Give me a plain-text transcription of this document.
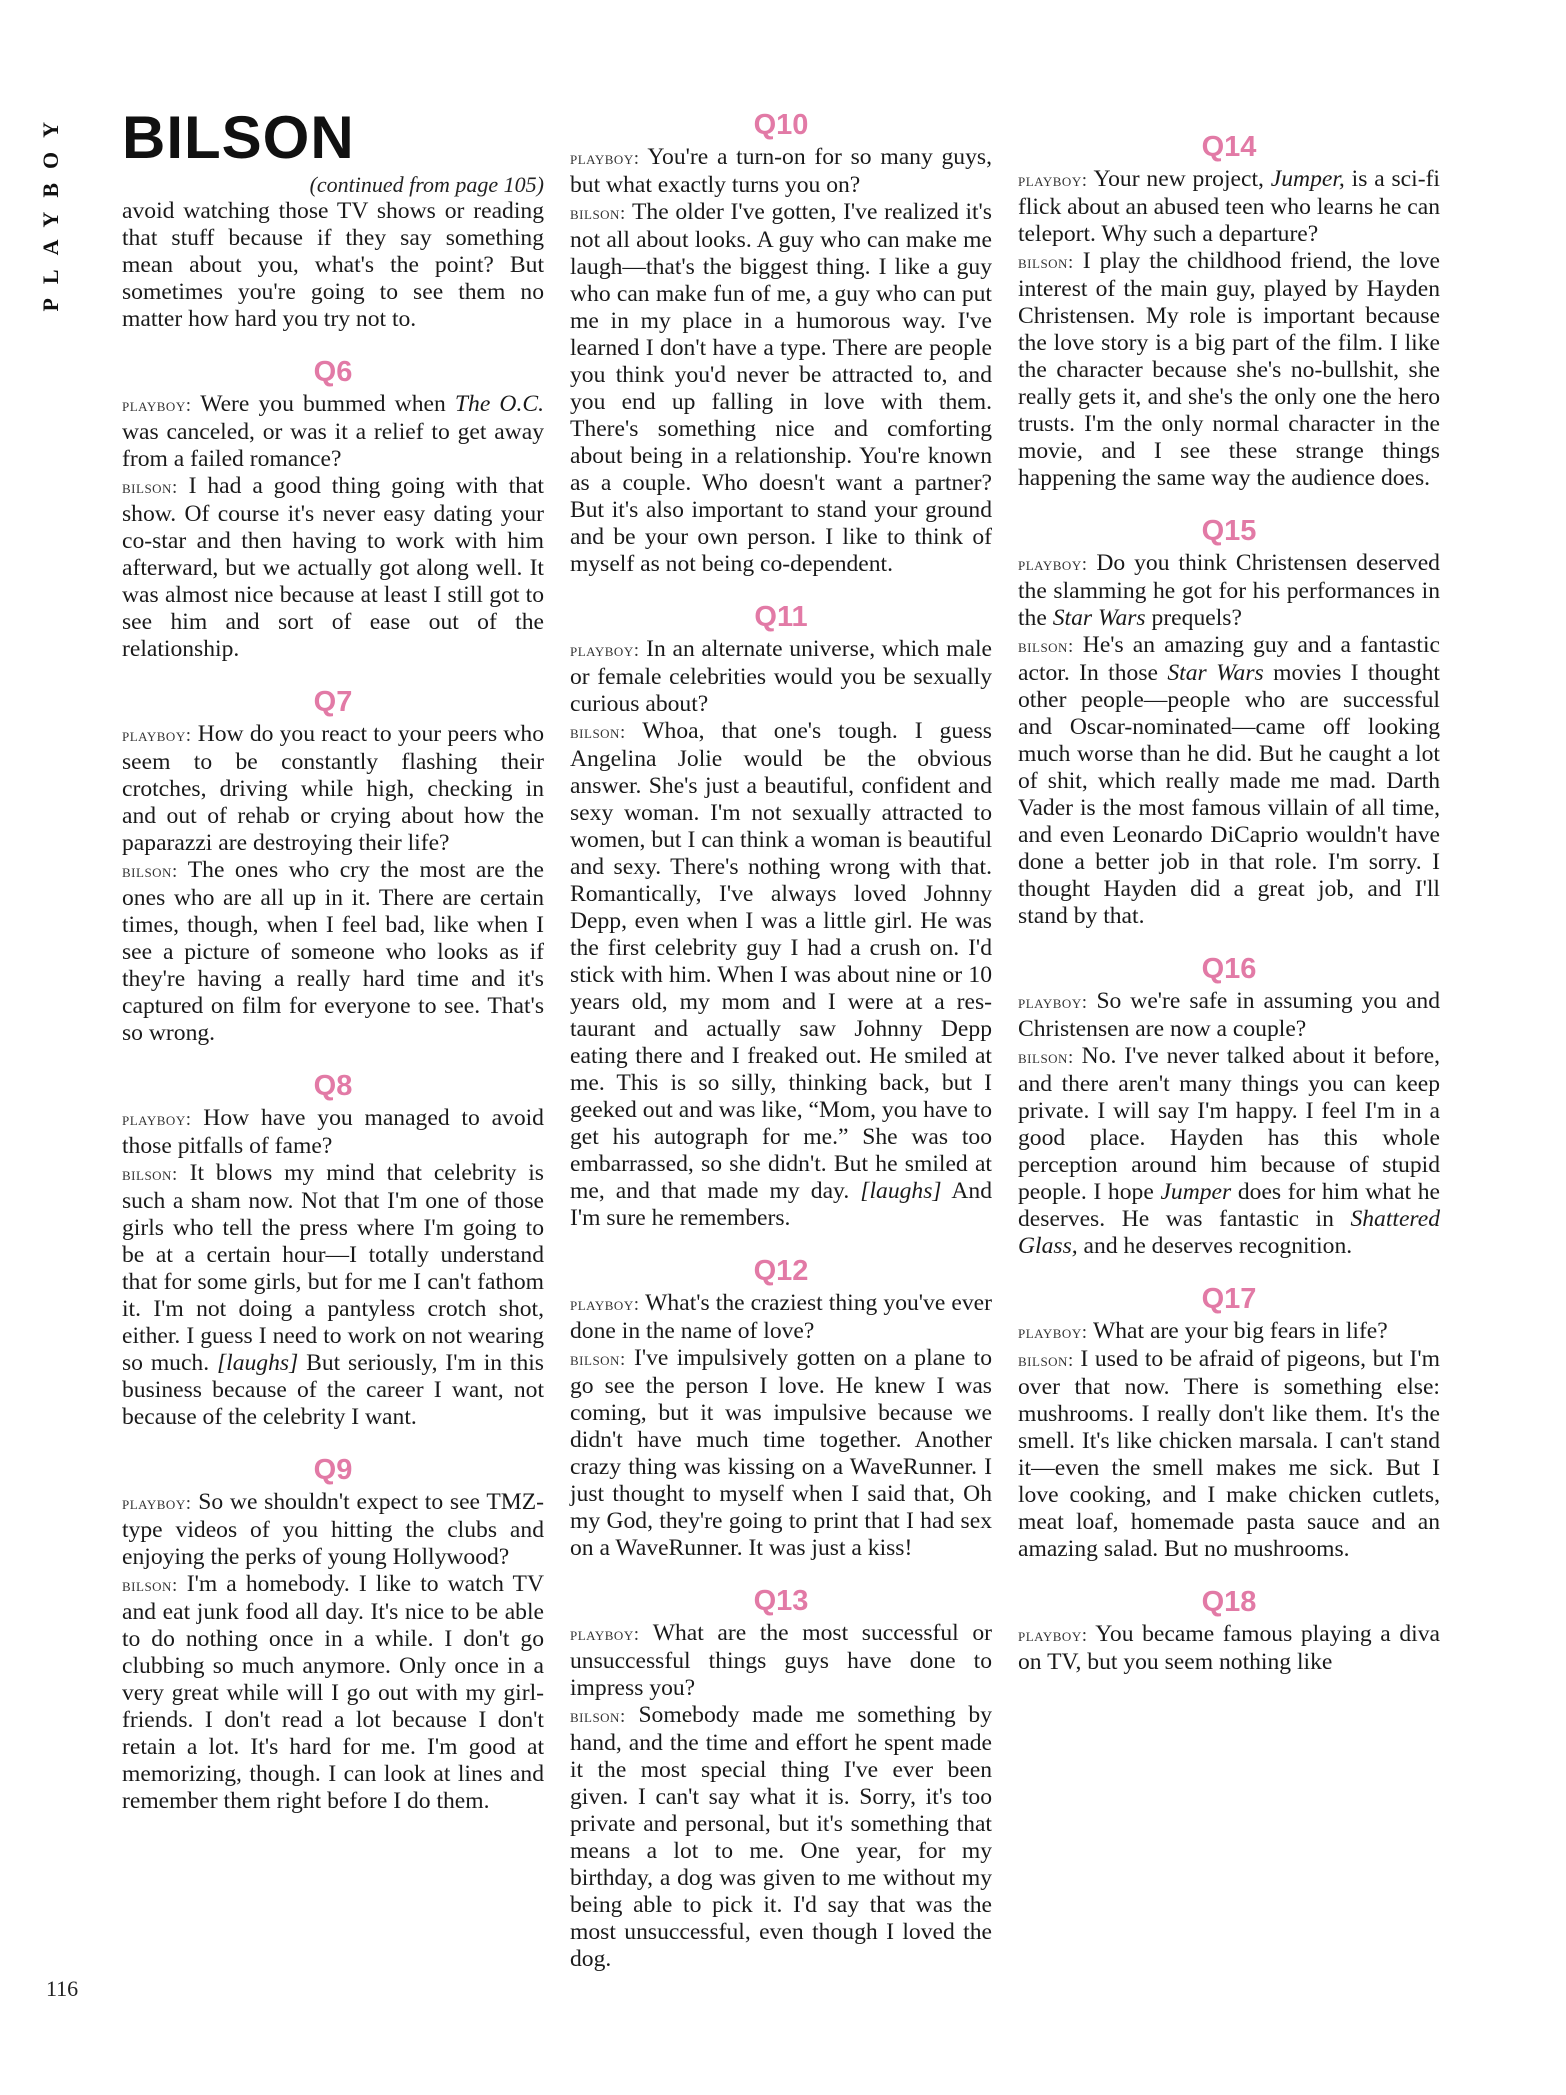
PLAYBOY
116
BILSON

(continued from page 105)

avoid watching those TV shows or reading that stuff because if they say something mean about you, what's the point? But sometimes you're going to see them no matter how hard you try not to.

Q6

playboy : Were you bummed when The O.C. was canceled, or was it a relief to get away from a failed romance?

bilson : I had a good thing going with that show. Of course it's never easy dating your co-star and then having to work with him afterward, but we actually got along well. It was almost nice because at least I still got to see him and sort of ease out of the relationship.

Q7

playboy : How do you react to your peers who seem to be constantly flashing their crotches, driving while high, checking in and out of rehab or crying about how the paparazzi are destroying their life?

bilson : The ones who cry the most are the ones who are all up in it. There are certain times, though, when I feel bad, like when I see a picture of someone who looks as if they're having a really hard time and it's captured on film for everyone to see. That's so wrong.

Q8

playboy : How have you managed to avoid those pitfalls of fame?

bilson : It blows my mind that celebrity is such a sham now. Not that I'm one of those girls who tell the press where I'm going to be at a certain hour—I totally understand that for some girls, but for me I can't fathom it. I'm not doing a pantyless crotch shot, either. I guess I need to work on not wearing so much. [laughs] But seriously, I'm in this business because of the career I want, not because of the celebrity I want.

Q9

playboy : So we shouldn't expect to see TMZ-type videos of you hitting the clubs and enjoying the perks of young Hollywood?

bilson : I'm a homebody. I like to watch TV and eat junk food all day. It's nice to be able to do nothing once in a while. I don't go clubbing so much anymore. Only once in a very great while will I go out with my girlfriends. I don't read a lot because I don't retain a lot. It's hard for me. I'm good at memorizing, though. I can look at lines and remember them right before I do them.

Q10

playboy : You're a turn-on for so many guys, but what exactly turns you on?

bilson : The older I've gotten, I've realized it's not all about looks. A guy who can make me laugh—that's the biggest thing. I like a guy who can make fun of me, a guy who can put me in my place in a humorous way. I've learned I don't have a type. There are people you think you'd never be attracted to, and you end up falling in love with them. There's something nice and comforting about being in a relationship. You're known as a couple. Who doesn't want a partner? But it's also important to stand your ground and be your own person. I like to think of myself as not being co-dependent.

Q11

playboy : In an alternate universe, which male or female celebrities would you be sexually curious about?

bilson : Whoa, that one's tough. I guess Angelina Jolie would be the obvious answer. She's just a beautiful, confident and sexy woman. I'm not sexually attracted to women, but I can think a woman is beautiful and sexy. There's nothing wrong with that. Romantically, I've always loved Johnny Depp, even when I was a little girl. He was the first celebrity guy I had a crush on. I'd stick with him. When I was about nine or 10 years old, my mom and I were at a restaurant and actually saw Johnny Depp eating there and I freaked out. He smiled at me. This is so silly, thinking back, but I geeked out and was like, “Mom, you have to get his autograph for me.” She was too embarrassed, so she didn't. But he smiled at me, and that made my day. [laughs] And I'm sure he remembers.

Q12

playboy : What's the craziest thing you've ever done in the name of love?

bilson : I've impulsively gotten on a plane to go see the person I love. He knew I was coming, but it was impulsive because we didn't have much time together. Another crazy thing was kissing on a WaveRunner. I just thought to myself when I said that, Oh my God, they're going to print that I had sex on a WaveRunner. It was just a kiss!

Q13

playboy : What are the most successful or unsuccessful things guys have done to impress you?

bilson : Somebody made me something by hand, and the time and effort he spent made it the most special thing I've ever been given. I can't say what it is. Sorry, it's too private and personal, but it's something that means a lot to me. One year, for my birthday, a dog was given to me without my being able to pick it. I'd say that was the most unsuccessful, even though I loved the dog.

Q14

playboy : Your new project, Jumper, is a sci-fi flick about an abused teen who learns he can teleport. Why such a departure?

bilson : I play the childhood friend, the love interest of the main guy, played by Hayden Christensen. My role is important because the love story is a big part of the film. I like the character because she's no-bullshit, she really gets it, and she's the only one the hero trusts. I'm the only normal character in the movie, and I see these strange things happening the same way the audience does.

Q15

playboy : Do you think Christensen deserved the slamming he got for his performances in the Star Wars prequels?

bilson : He's an amazing guy and a fantastic actor. In those Star Wars movies I thought other people—people who are successful and Oscar-nominated—came off looking much worse than he did. But he caught a lot of shit, which really made me mad. Darth Vader is the most famous villain of all time, and even Leonardo DiCaprio wouldn't have done a better job in that role. I'm sorry. I thought Hayden did a great job, and I'll stand by that.

Q16

playboy : So we're safe in assuming you and Christensen are now a couple?

bilson : No. I've never talked about it before, and there aren't many things you can keep private. I will say I'm happy. I feel I'm in a good place. Hayden has this whole perception around him because of stupid people. I hope Jumper does for him what he deserves. He was fantastic in Shattered Glass, and he deserves recognition.

Q17

playboy : What are your big fears in life?

bilson : I used to be afraid of pigeons, but I'm over that now. There is something else: mushrooms. I really don't like them. It's the smell. It's like chicken marsala. I can't stand it—even the smell makes me sick. But I love cooking, and I make chicken cutlets, meat loaf, homemade pasta sauce and an amazing salad. But no mushrooms.

Q18

playboy : You became famous playing a diva on TV, but you seem nothing like
